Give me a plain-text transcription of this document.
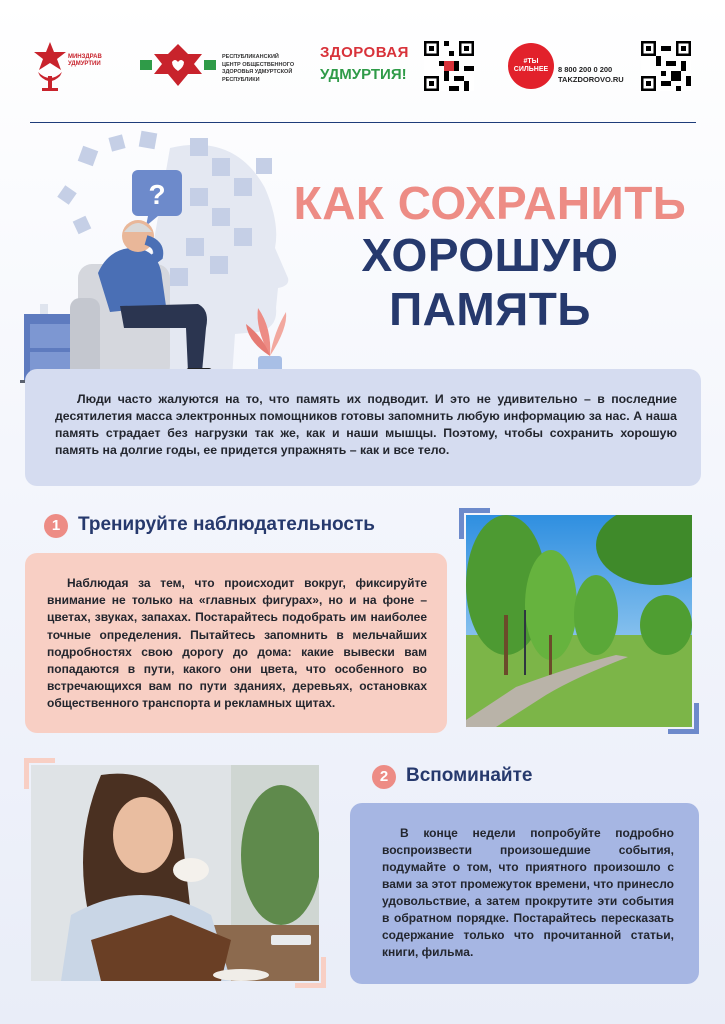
МИНЗДРАВ УДМУРТИИ
РЕСПУБЛИКАНСКИЙ ЦЕНТР ОБЩЕСТВЕННОГО ЗДОРОВЬЯ УДМУРТСКОЙ РЕСПУБЛИКИ
ЗДОРОВАЯ
УДМУРТИЯ!
#ТЫ СИЛЬНЕЕ	8 800 200 0 200
TAKZDOROVO.RU
?	КАК СОХРАНИТЬ
ХОРОШУЮ
ПАМЯТЬ

Люди часто жалуются на то, что память их подводит. И это не удивительно – в последние десятилетия масса электронных помощников готовы запомнить любую информацию за нас. А наша память страдает без нагрузки так же, как и наши мышцы. Поэтому, чтобы сохранить хорошую память на долгие годы, ее придется упражнять – как и все тело.

1 Тренируйте наблюдательность

Наблюдая за тем, что происходит вокруг, фиксируйте внимание не только на «главных фигурах», но и на фоне – цветах, звуках, запахах. Постарайтесь подобрать им наиболее точные определения. Пытайтесь запомнить в мельчайших подробностях свою дорогу до дома: какие вывески вам попадаются в пути, какого они цвета, что особенного во встречающихся вам по пути зданиях, деревьях, остановках общественного транспорта и рекламных щитах.

2 Вспоминайте

В конце недели попробуйте подробно воспроизвести произошедшие события, подумайте о том, что приятного произошло с вами за этот промежуток времени, что принесло удовольствие, а затем прокрутите эти события в обратном порядке. Постарайтесь пересказать содержание только что прочитанной статьи, книги, фильма.
